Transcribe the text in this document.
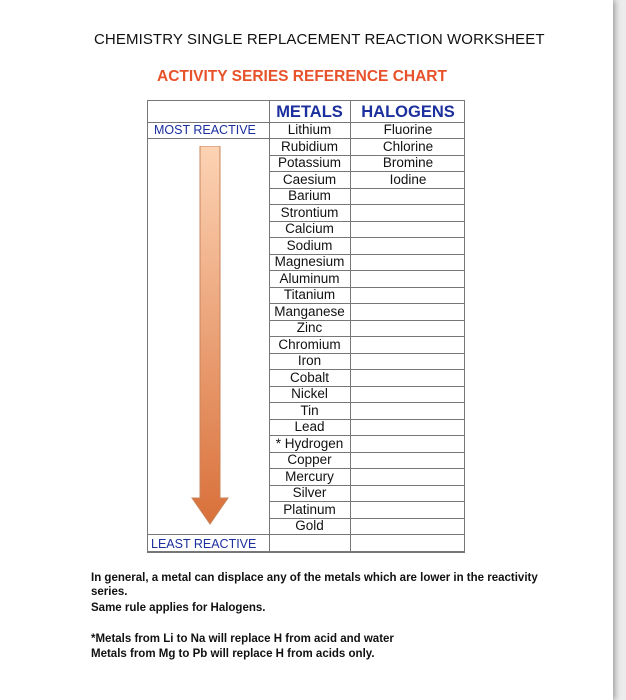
CHEMISTRY SINGLE REPLACEMENT REACTION WORKSHEET
ACTIVITY SERIES REFERENCE CHART
METALS	HALOGENS
Lithium
Rubidium
Potassium
Caesium
Barium
Strontium
Calcium
Sodium
Magnesium
Aluminum
Titanium
Manganese
Zinc
Chromium
Iron
Cobalt
Nickel
Tin
Lead
* Hydrogen
Copper
Mercury
Silver
Platinum
Gold
Fluorine
Chlorine
Bromine
Iodine
MOST REACTIVE
LEAST REACTIVE
In general, a metal can displace any of the metals which are lower in the reactivity
series.
Same rule applies for Halogens.
*Metals from Li to Na will replace H from acid and water
Metals from Mg to Pb will replace H from acids only.
